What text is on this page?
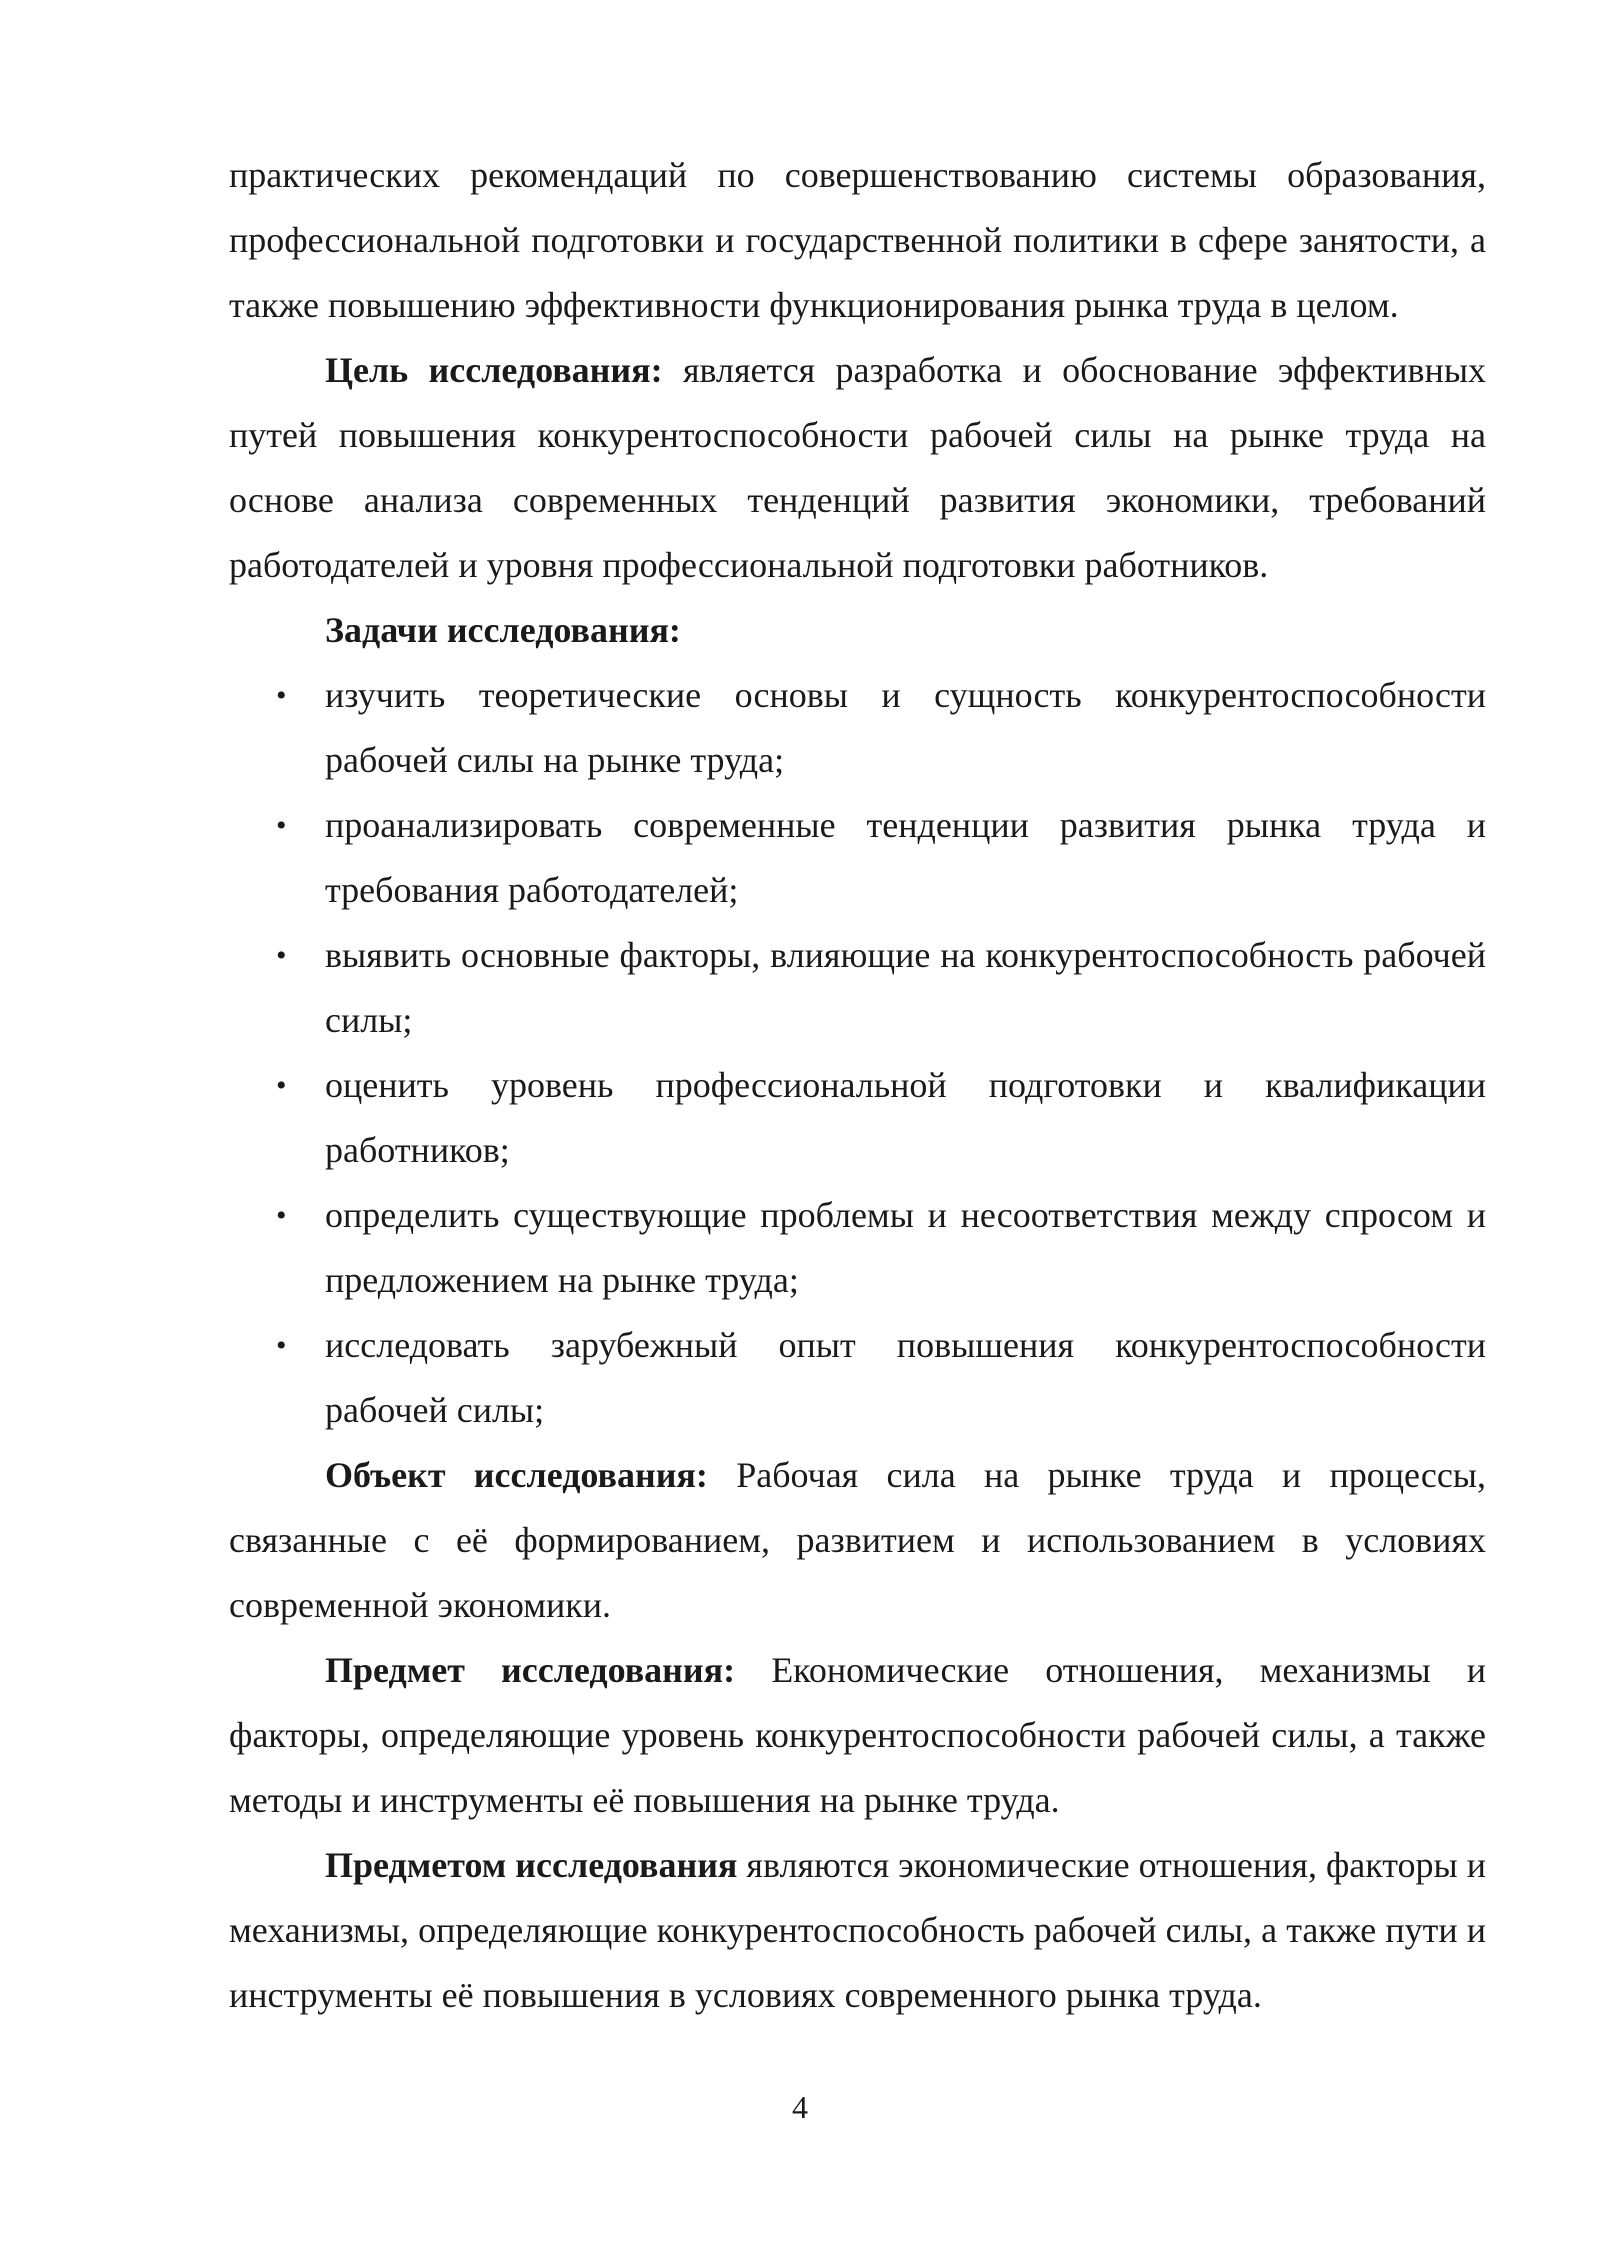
практических рекомендаций по совершенствованию системы образования, профессиональной подготовки и государственной политики в сфере занятости, а также повышению эффективности функционирования рынка труда в целом.

Цель исследования: является разработка и обоснование эффективных путей повышения конкурентоспособности рабочей силы на рынке труда на основе анализа современных тенденций развития экономики, требований работодателей и уровня профессиональной подготовки работников.

Задачи исследования:

• изучить теоретические основы и сущность конкурентоспособности рабочей силы на рынке труда;
• проанализировать современные тенденции развития рынка труда и требования работодателей;
• выявить основные факторы, влияющие на конкурентоспособность рабочей силы;
• оценить уровень профессиональной подготовки и квалификации работников;
• определить существующие проблемы и несоответствия между спросом и предложением на рынке труда;
• исследовать зарубежный опыт повышения конкурентоспособности рабочей силы;

Объект исследования: Рабочая сила на рынке труда и процессы, связанные с её формированием, развитием и использованием в условиях современной экономики.

Предмет исследования: Економические отношения, механизмы и факторы, определяющие уровень конкурентоспособности рабочей силы, а также методы и инструменты её повышения на рынке труда.

Предметом исследования являются экономические отношения, факторы и механизмы, определяющие конкурентоспособность рабочей силы, а также пути и инструменты её повышения в условиях современного рынка труда.

4
